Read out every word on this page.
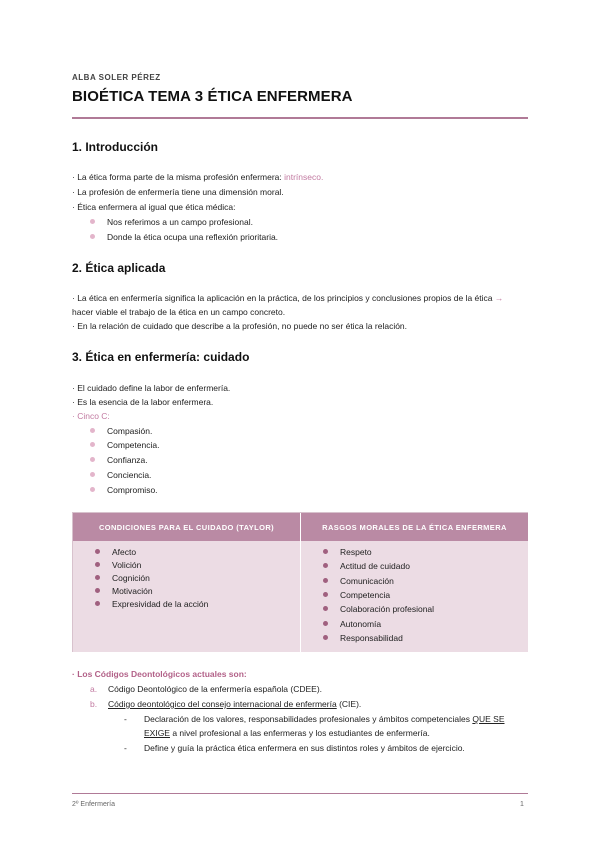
ALBA SOLER PÉREZ
BIOÉTICA TEMA 3 ÉTICA ENFERMERA
1. Introducción
· La ética forma parte de la misma profesión enfermera: intrínseco.
· La profesión de enfermería tiene una dimensión moral.
· Ética enfermera al igual que ética médica:
Nos referimos a un campo profesional.
Donde la ética ocupa una reflexión prioritaria.
2. Ética aplicada
· La ética en enfermería significa la aplicación en la práctica, de los principios y conclusiones propios de la ética →
hacer viable el trabajo de la ética en un campo concreto.
· En la relación de cuidado que describe a la profesión, no puede no ser ética la relación.
3. Ética en enfermería: cuidado
· El cuidado define la labor de enfermería.
· Es la esencia de la labor enfermera.
· Cinco C:
Compasión.
Competencia.
Confianza.
Conciencia.
Compromiso.
CONDICIONES PARA EL CUIDADO (TAYLOR)	RASGOS MORALES DE LA ÉTICA ENFERMERA
Afecto
Volición
Cognición
Motivación
Expresividad de la acción
Respeto
Actitud de cuidado
Comunicación
Competencia
Colaboración profesional
Autonomía
Responsabilidad
· Los Códigos Deontológicos actuales son:
a. Código Deontológico de la enfermería española (CDEE).
b. Código deontológico del consejo internacional de enfermería (CIE).
- Declaración de los valores, responsabilidades profesionales y ámbitos competenciales QUE SE
EXIGE a nivel profesional a las enfermeras y los estudiantes de enfermería.
- Define y guía la práctica ética enfermera en sus distintos roles y ámbitos de ejercicio.
2º Enfermería	1
